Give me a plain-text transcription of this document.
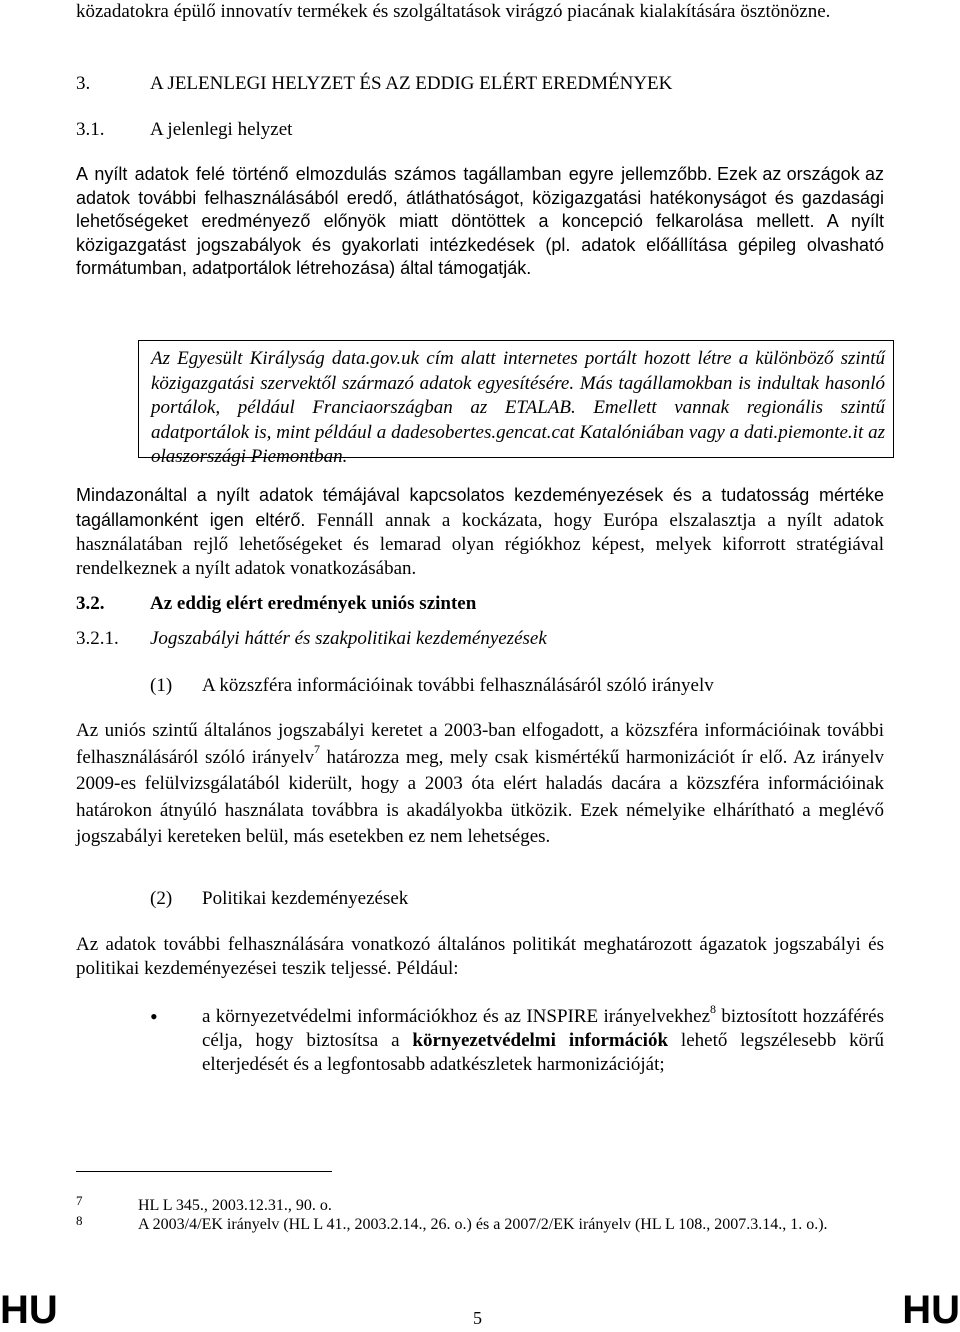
közadatokra épülő innovatív termékek és szolgáltatások virágzó piacának kialakítására ösztönözne.
3.	A JELENLEGI HELYZET ÉS AZ EDDIG ELÉRT EREDMÉNYEK
3.1. A jelenlegi helyzet
A nyílt adatok felé történő elmozdulás számos tagállamban egyre jellemzőbb. Ezek az országok az adatok további felhasználásából eredő, átláthatóságot, közigazgatási hatékonyságot és gazdasági lehetőségeket eredményező előnyök miatt döntöttek a koncepció felkarolása mellett. A nyílt közigazgatást jogszabályok és gyakorlati intézkedések (pl. adatok előállítása gépileg olvasható formátumban, adatportálok létrehozása) által támogatják.

Az Egyesült Királyság data.gov.uk cím alatt internetes portált hozott létre a különböző szintű közigazgatási szervektől származó adatok egyesítésére. Más tagállamokban is indultak hasonló portálok, például Franciaországban az ETALAB. Emellett vannak regionális szintű adatportálok is, mint például a dadesobertes.gencat.cat Katalóniában vagy a dati.piemonte.it az olaszországi Piemontban.

Mindazonáltal a nyílt adatok témájával kapcsolatos kezdeményezések és a tudatosság mértéke tagállamonként igen eltérő. Fennáll annak a kockázata, hogy Európa elszalasztja a nyílt adatok használatában rejlő lehetőségeket és lemarad olyan régiókhoz képest, melyek kiforrott stratégiával rendelkeznek a nyílt adatok vonatkozásában.
3.2. Az eddig elért eredmények uniós szinten
3.2.1. Jogszabályi háttér és szakpolitikai kezdeményezések
(1) A közszféra információinak további felhasználásáról szóló irányelv
Az uniós szintű általános jogszabályi keretet a 2003-ban elfogadott, a közszféra információinak további felhasználásáról szóló irányelv$^7$ határozza meg, mely csak kismértékű harmonizációt ír elő. Az irányelv 2009-es felülvizsgálatából kiderült, hogy a 2003 óta elért haladás dacára a közszféra információinak határokon átnyúló használata továbbra is akadályokba ütközik. Ezek némelyike elhárítható a meglévő jogszabályi kereteken belül, más esetekben ez nem lehetséges.
(2) Politikai kezdeményezések
Az adatok további felhasználására vonatkozó általános politikát meghatározott ágazatok jogszabályi és politikai kezdeményezései teszik teljessé. Például:
• a környezetvédelmi információkhoz és az INSPIRE irányelvekhez$^8$ biztosított hozzáférés célja, hogy biztosítsa a környezetvédelmi információk lehető legszélesebb körű elterjedését és a legfontosabb adatkészletek harmonizációját;
7	HL L 345., 2003.12.31., 90. o.
8	A 2003/4/EK irányelv (HL L 41., 2003.2.14., 26. o.) és a 2007/2/EK irányelv (HL L 108., 2007.3.14., 1. o.).
HU	5	HU
